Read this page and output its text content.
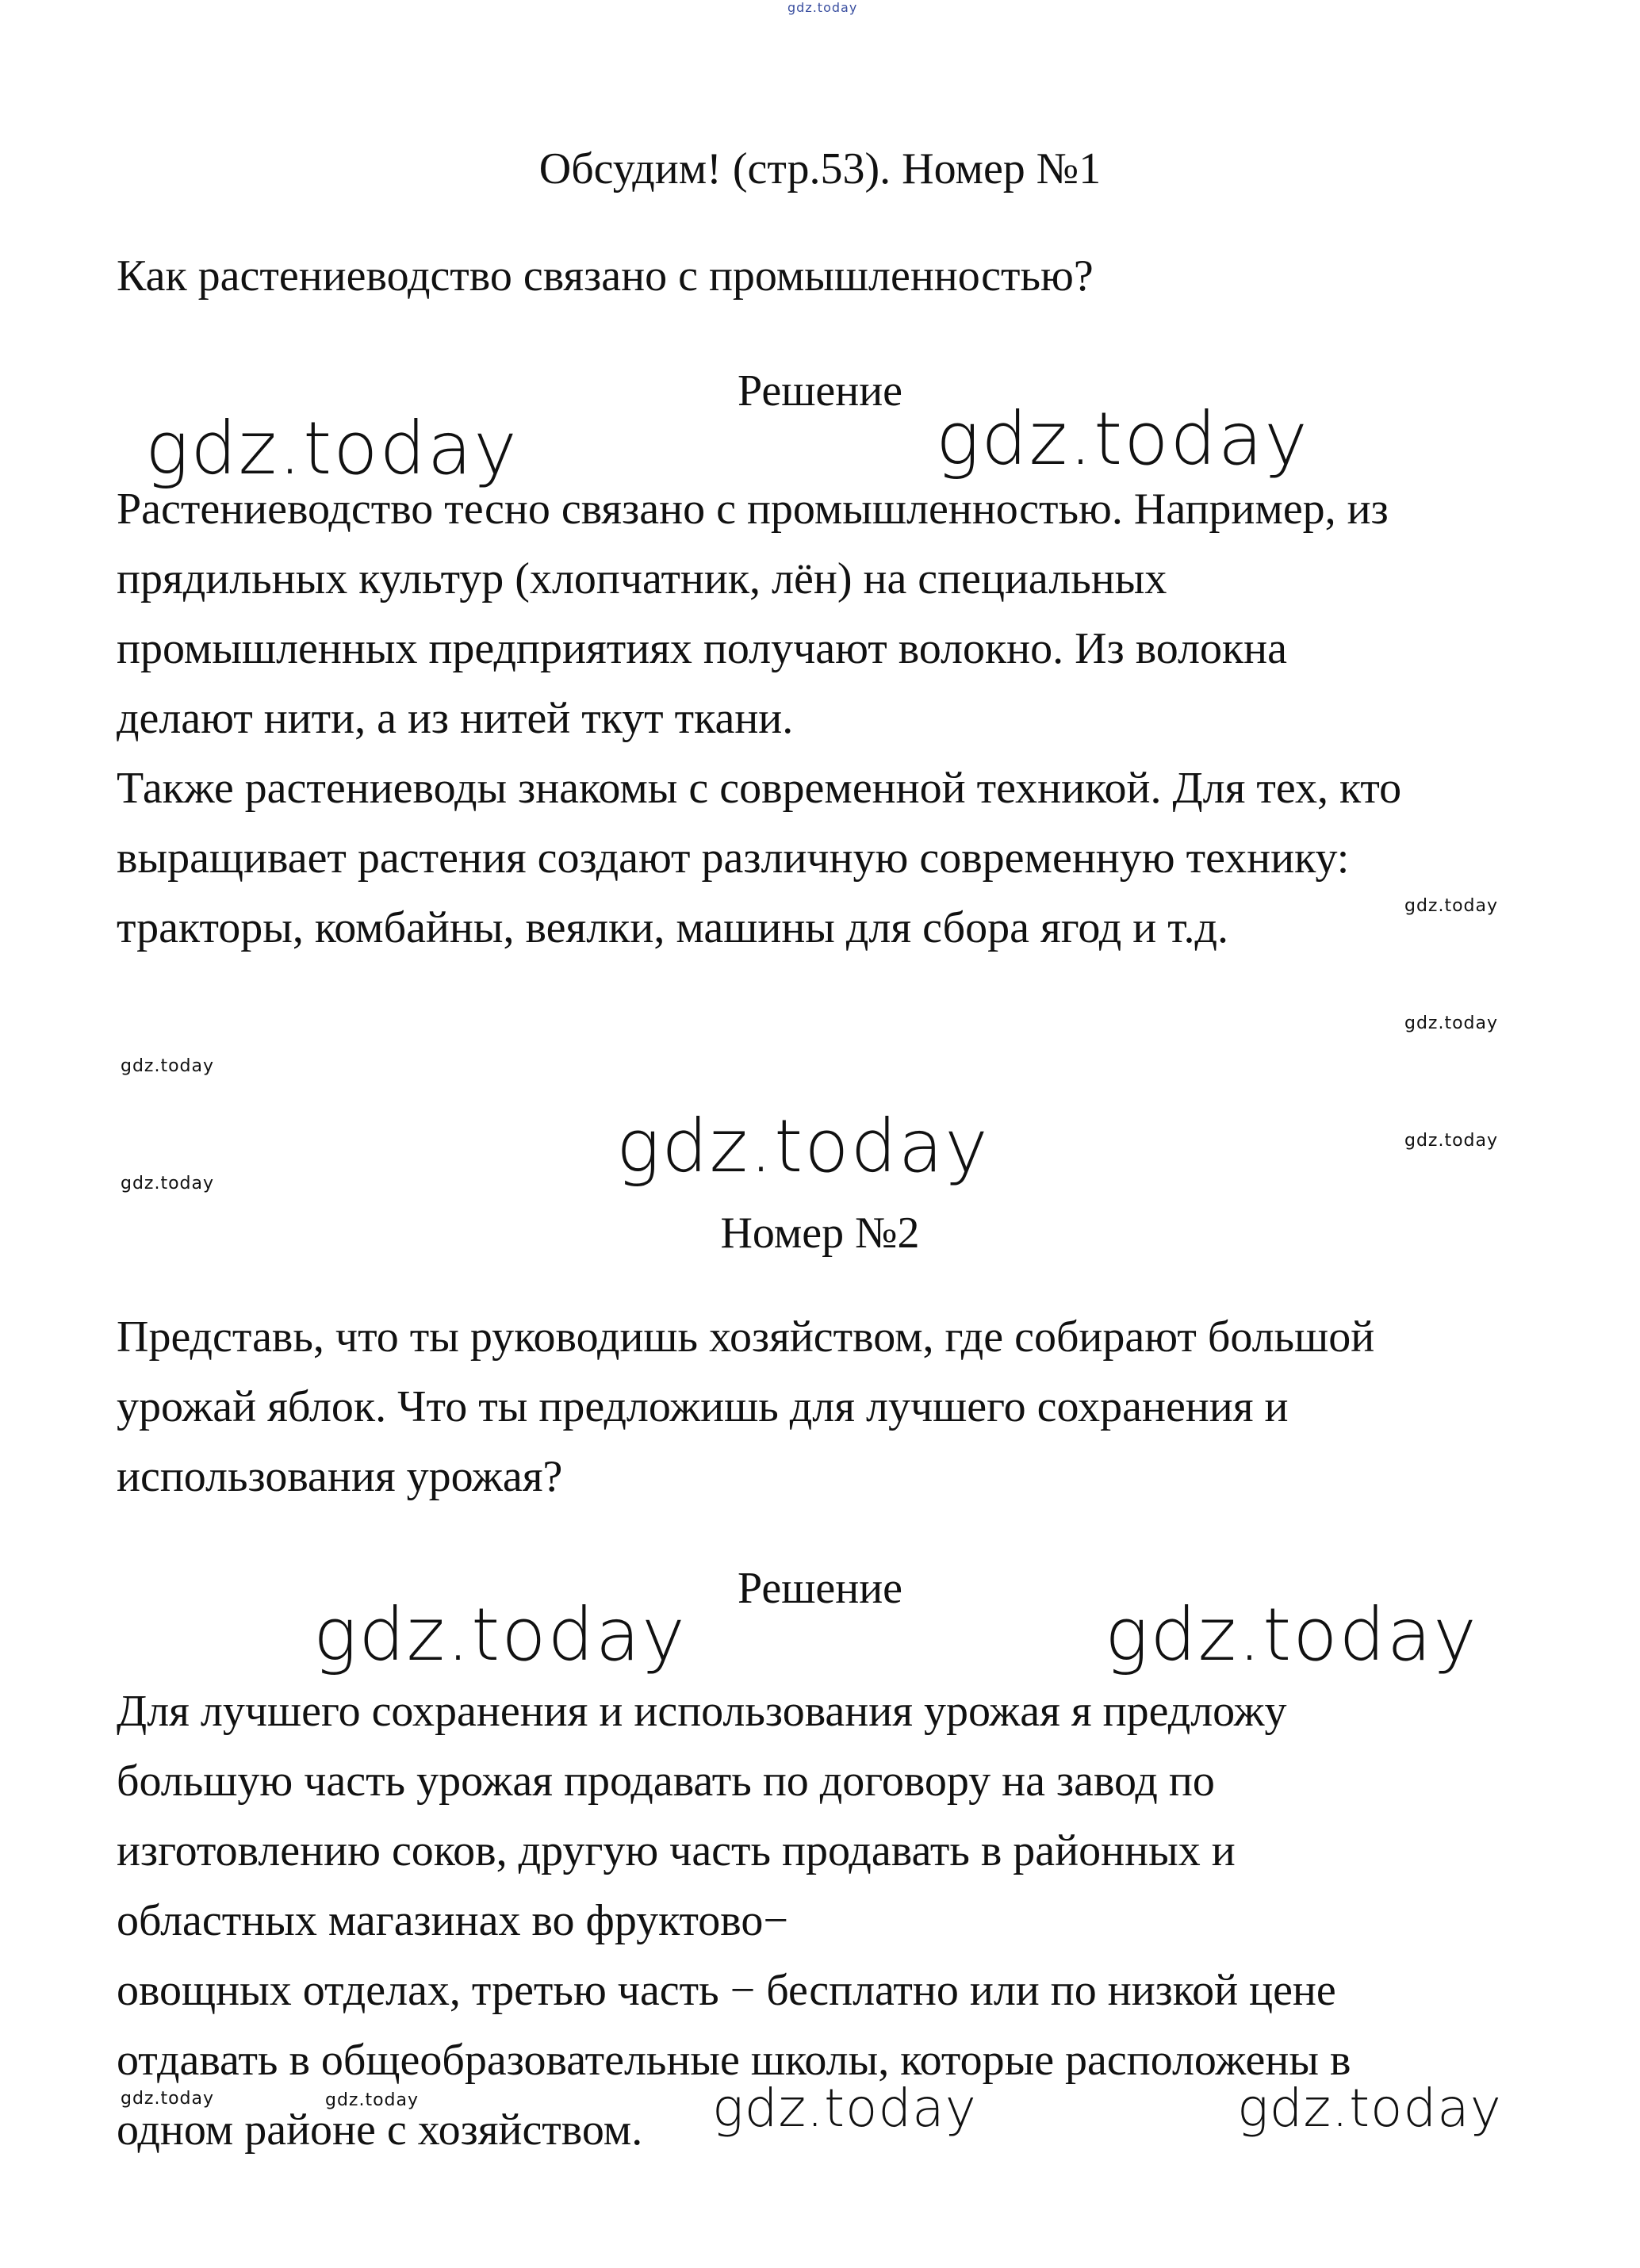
gdz.today
Обсудим! (стр.53). Номер №1
Как растениеводство связано с промышленностью?
Решение
Растениеводство тесно связано с промышленностью. Например, из
прядильных культур (хлопчатник, лён) на специальных
промышленных предприятиях получают волокно. Из волокна
делают нити, а из нитей ткут ткани.
Также растениеводы знакомы с современной техникой. Для тех, кто
выращивает растения создают различную современную технику:
тракторы, комбайны, веялки, машины для сбора ягод и т.д.
Номер №2
Представь, что ты руководишь хозяйством, где собирают большой
урожай яблок. Что ты предложишь для лучшего сохранения и
использования урожая?
Решение
Для лучшего сохранения и использования урожая я предложу
большую часть урожая продавать по договору на завод по
изготовлению соков, другую часть продавать в районных и
областных магазинах во фруктово−
овощных отделах, третью часть − бесплатно или по низкой цене
отдавать в общеобразовательные школы, которые расположены в
одном районе с хозяйством.
gdz.today	gdz.today
gdz.today
gdz.today	gdz.today
gdz.today	gdz.today
gdz.today
gdz.today
gdz.today
gdz.today
gdz.today
gdz.today	gdz.today
